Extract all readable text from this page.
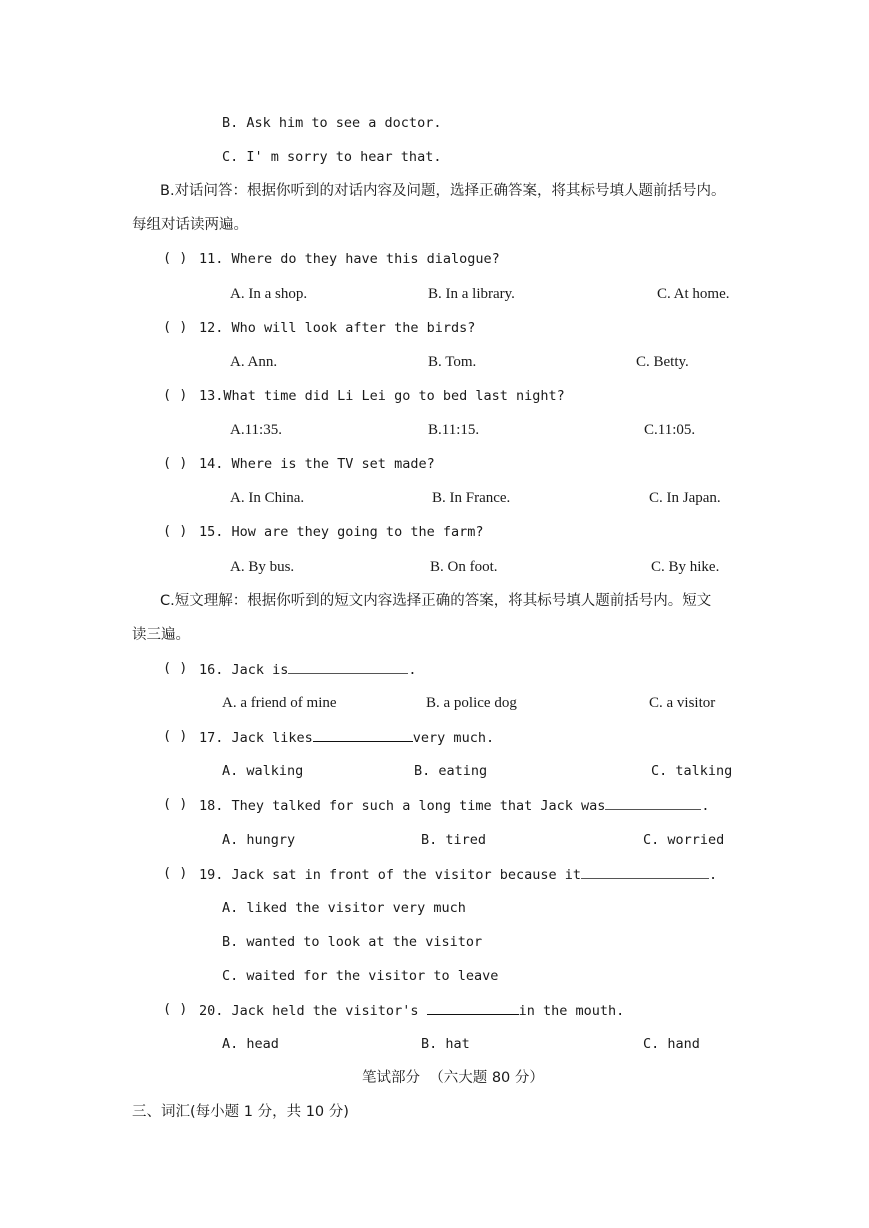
B. Ask him to see a doctor.
C. I' m sorry to hear that.
B.对话问答：根据你听到的对话内容及问题，选择正确答案，将其标号填人题前括号内。
每组对话读两遍。
( ) 11. Where do they have this dialogue?
A. In a shop.	B. In a library.	C. At home.
( ) 12. Who will look after the birds?
A. Ann.	B. Tom.	C. Betty.
( ) 13.What time did Li Lei go to bed last night?
A.11:35.	B.11:15.	C.11:05.
( ) 14. Where is the TV set made?
A. In China.	B. In France.	C. In Japan.
( ) 15. How are they going to the farm?
A. By bus.	B. On foot.	C. By hike.
C.短文理解：根据你听到的短文内容选择正确的答案，将其标号填人题前括号内。短文
读三遍。
( ) 16. Jack is	.
A. a friend of mine	B. a police dog	C. a visitor
( ) 17. Jack likes	very much.
A. walking	B. eating	C. talking
( ) 18. They talked for such a long time that Jack was	.
A. hungry	B. tired	C. worried
( ) 19. Jack sat in front of the visitor because it	.
A. liked the visitor very much
B. wanted to look at the visitor
C. waited for the visitor to leave
( ) 20. Jack held the visitor's	in the mouth.
A. head	B. hat	C. hand
笔试部分  （六大题 80 分）
三、词汇(每小题 1 分，共 10 分)
